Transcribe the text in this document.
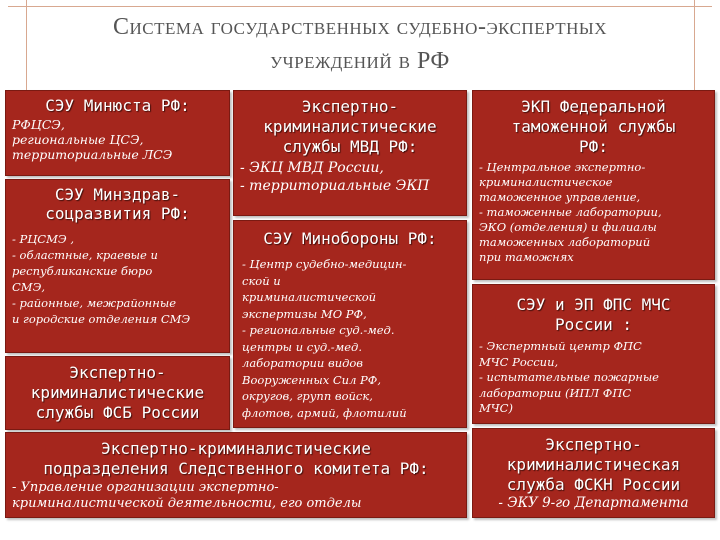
Система государственных судебно-экспертных
учреждений в РФ
СЭУ Минюста РФ:
РФЦСЭ,
региональные ЦСЭ,
территориальные ЛСЭ
СЭУ Минздрав-
соцразвития РФ:
- РЦСМЭ ,
- областные, краевые и
республиканские бюро
СМЭ,
- районные, межрайонные
и городские отделения СМЭ
Экспертно-
криминалистические
службы ФСБ России
Экспертно-
криминалистические
службы МВД РФ:
- ЭКЦ МВД России,
- территориальные ЭКП
СЭУ Минобороны РФ:
- Центр судебно-медицин-
ской и
криминалистической
экспертизы МО РФ,
- региональные суд.-мед.
центры и суд.-мед.
лаборатории видов
Вооруженных Сил РФ,
округов, групп войск,
флотов, армий, флотилий
ЭКП Федеральной
таможенной службы
РФ:
- Центральное экспертно-
криминалистическое
таможенное управление,
- таможенные лаборатории,
ЭКО (отделения) и филиалы
таможенных лабораторий
при таможнях
СЭУ и ЭП ФПС МЧС
России :
- Экспертный центр ФПС
МЧС России,
- испытательные пожарные
лаборатории (ИПЛ ФПС
МЧС)
Экспертно-криминалистические
подразделения Следственного комитета РФ:
- Управление организации экспертно-
криминалистической деятельности, его отделы
Экспертно-
криминалистическая
служба ФСКН России
- ЭКУ 9-го Департамента
